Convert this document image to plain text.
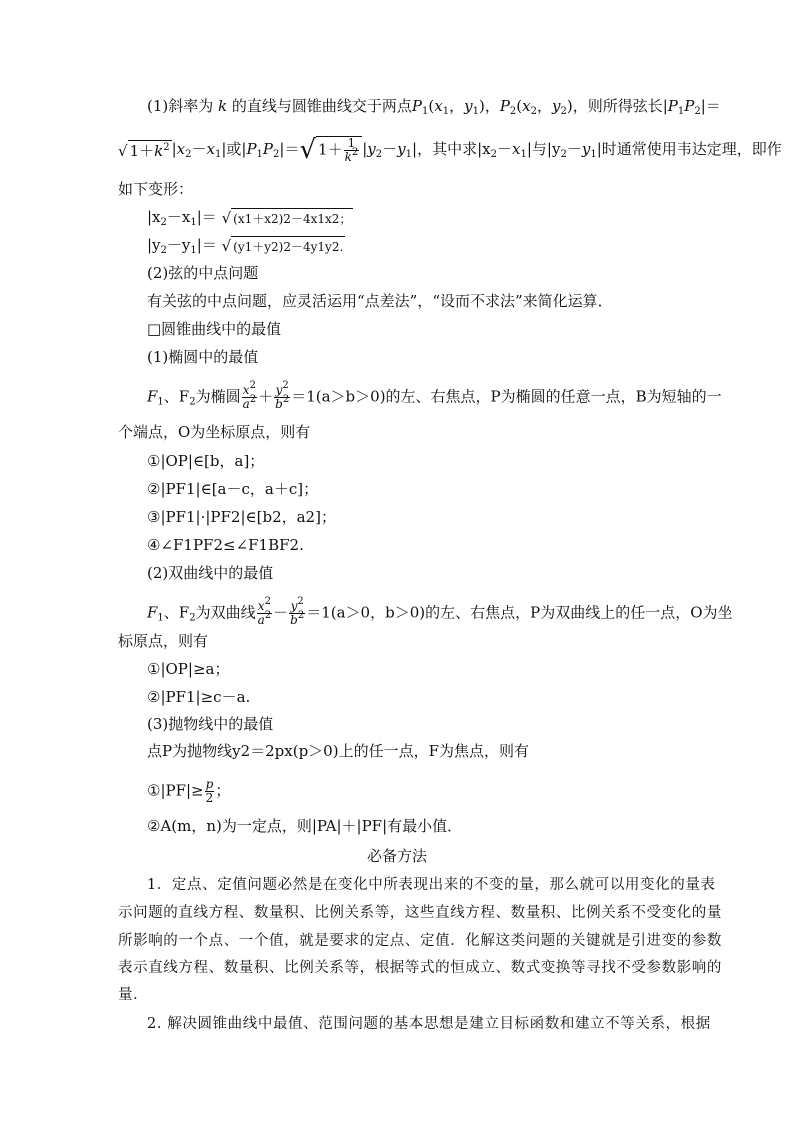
(1)斜率为 k 的直线与圆锥曲线交于两点$P_1(x_1$，$y_1$)，$P_2(x_2$，$y_2$)，则所得弦长$|P_1P_2|=$
√ $1+k^2$ $|x_2-x_1|$或$|P_1P_2|=√$ $1+ \frac{1}{k^2} |y_2-y_1|$，其中求$|x_2-x_1|$与$|y_2-y_1|$时通常使用韦达定理，即作
如下变形：
$|x_2-x_1|=$ √ (x1＋x2)2－4x1x2；
$|y_2-y_1|=$ √ (y1＋y2)2－4y1y2.
(2)弦的中点问题
有关弦的中点问题，应灵活运用“点差法”，“设而不求法”来简化运算．
□圆锥曲线中的最值
(1)椭圆中的最值
$F_1$、$F_2$为椭圆 $\frac{x^2}{a^2} + \frac{y^2}{b^2} =1(a>b>0)$的左、右焦点，P为椭圆的任意一点，B为短轴的一
个端点，O为坐标原点，则有
①|OP|∈[b，a]；
②|PF1|∈[a－c，a＋c]；
③|PF1|·|PF2|∈[b2，a2]；
④∠F1PF2≤∠F1BF2.
(2)双曲线中的最值
$F_1$、$F_2$为双曲线 $\frac{x^2}{a^2} - \frac{y^2}{b^2} =1(a>0$，b＞0)的左、右焦点，P为双曲线上的任一点，O为坐
标原点，则有
①|OP|≥a；
②|PF1|≥c－a.
(3)抛物线中的最值
点P为抛物线y2＝2px(p＞0)上的任一点，F为焦点，则有
①|PF|≥ $\frac{p}{2}$ ；
②A(m，n)为一定点，则|PA|＋|PF|有最小值．
必备方法
1．定点、定值问题必然是在变化中所表现出来的不变的量，那么就可以用变化的量表
示问题的直线方程、数量积、比例关系等，这些直线方程、数量积、比例关系不受变化的量
所影响的一个点、一个值，就是要求的定点、定值．化解这类问题的关键就是引进变的参数
表示直线方程、数量积、比例关系等，根据等式的恒成立、数式变换等寻找不受参数影响的
量．
2. 解决圆锥曲线中最值、范围问题的基本思想是建立目标函数和建立不等关系，根据
